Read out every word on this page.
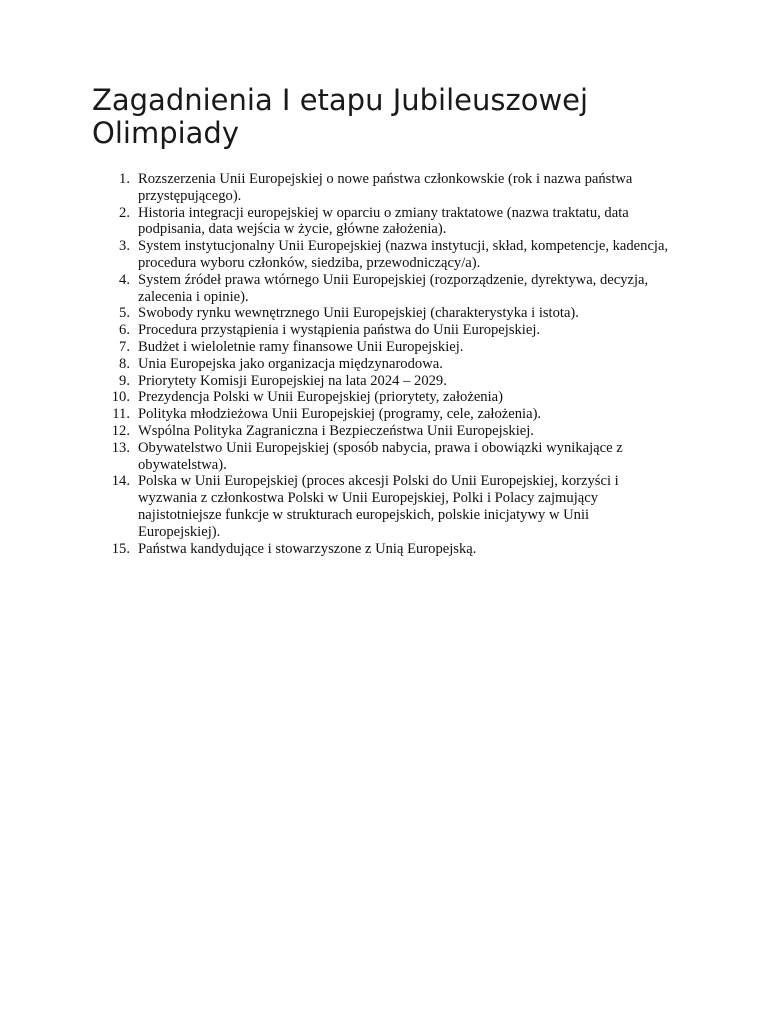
Zagadnienia I etapu Jubileuszowej Olimpiady
1. Rozszerzenia Unii Europejskiej o nowe państwa członkowskie (rok i nazwa państwa przystępującego).
2. Historia integracji europejskiej w oparciu o zmiany traktatowe (nazwa traktatu, data podpisania, data wejścia w życie, główne założenia).
3. System instytucjonalny Unii Europejskiej (nazwa instytucji, skład, kompetencje, kadencja, procedura wyboru członków, siedziba, przewodniczący/a).
4. System źródeł prawa wtórnego Unii Europejskiej (rozporządzenie, dyrektywa, decyzja, zalecenia i opinie).
5. Swobody rynku wewnętrznego Unii Europejskiej (charakterystyka i istota).
6. Procedura przystąpienia i wystąpienia państwa do Unii Europejskiej.
7. Budżet i wieloletnie ramy finansowe Unii Europejskiej.
8. Unia Europejska jako organizacja międzynarodowa.
9. Priorytety Komisji Europejskiej na lata 2024 – 2029.
10. Prezydencja Polski w Unii Europejskiej (priorytety, założenia)
11. Polityka młodzieżowa Unii Europejskiej (programy, cele, założenia).
12. Wspólna Polityka Zagraniczna i Bezpieczeństwa Unii Europejskiej.
13. Obywatelstwo Unii Europejskiej (sposób nabycia, prawa i obowiązki wynikające z obywatelstwa).
14. Polska w Unii Europejskiej (proces akcesji Polski do Unii Europejskiej, korzyści i wyzwania z członkostwa Polski w Unii Europejskiej, Polki i Polacy zajmujący najistotniejsze funkcje w strukturach europejskich, polskie inicjatywy w Unii Europejskiej).
15. Państwa kandydujące i stowarzyszone z Unią Europejską.
